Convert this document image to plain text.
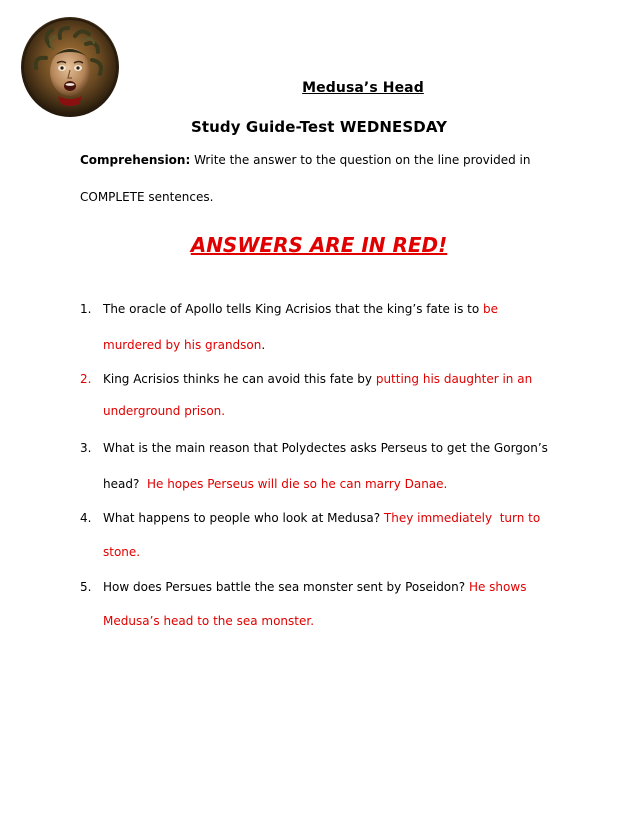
Medusa’s Head
Study Guide-Test WEDNESDAY
Comprehension: Write the answer to the question on the line provided in
COMPLETE sentences.
ANSWERS ARE IN RED!
1. The oracle of Apollo tells King Acrisios that the king’s fate is to be
murdered by his grandson.
2. King Acrisios thinks he can avoid this fate by putting his daughter in an
underground prison.
3. What is the main reason that Polydectes asks Perseus to get the Gorgon’s
head?  He hopes Perseus will die so he can marry Danae.
4. What happens to people who look at Medusa? They immediately  turn to
stone.
5. How does Persues battle the sea monster sent by Poseidon? He shows
Medusa’s head to the sea monster.
